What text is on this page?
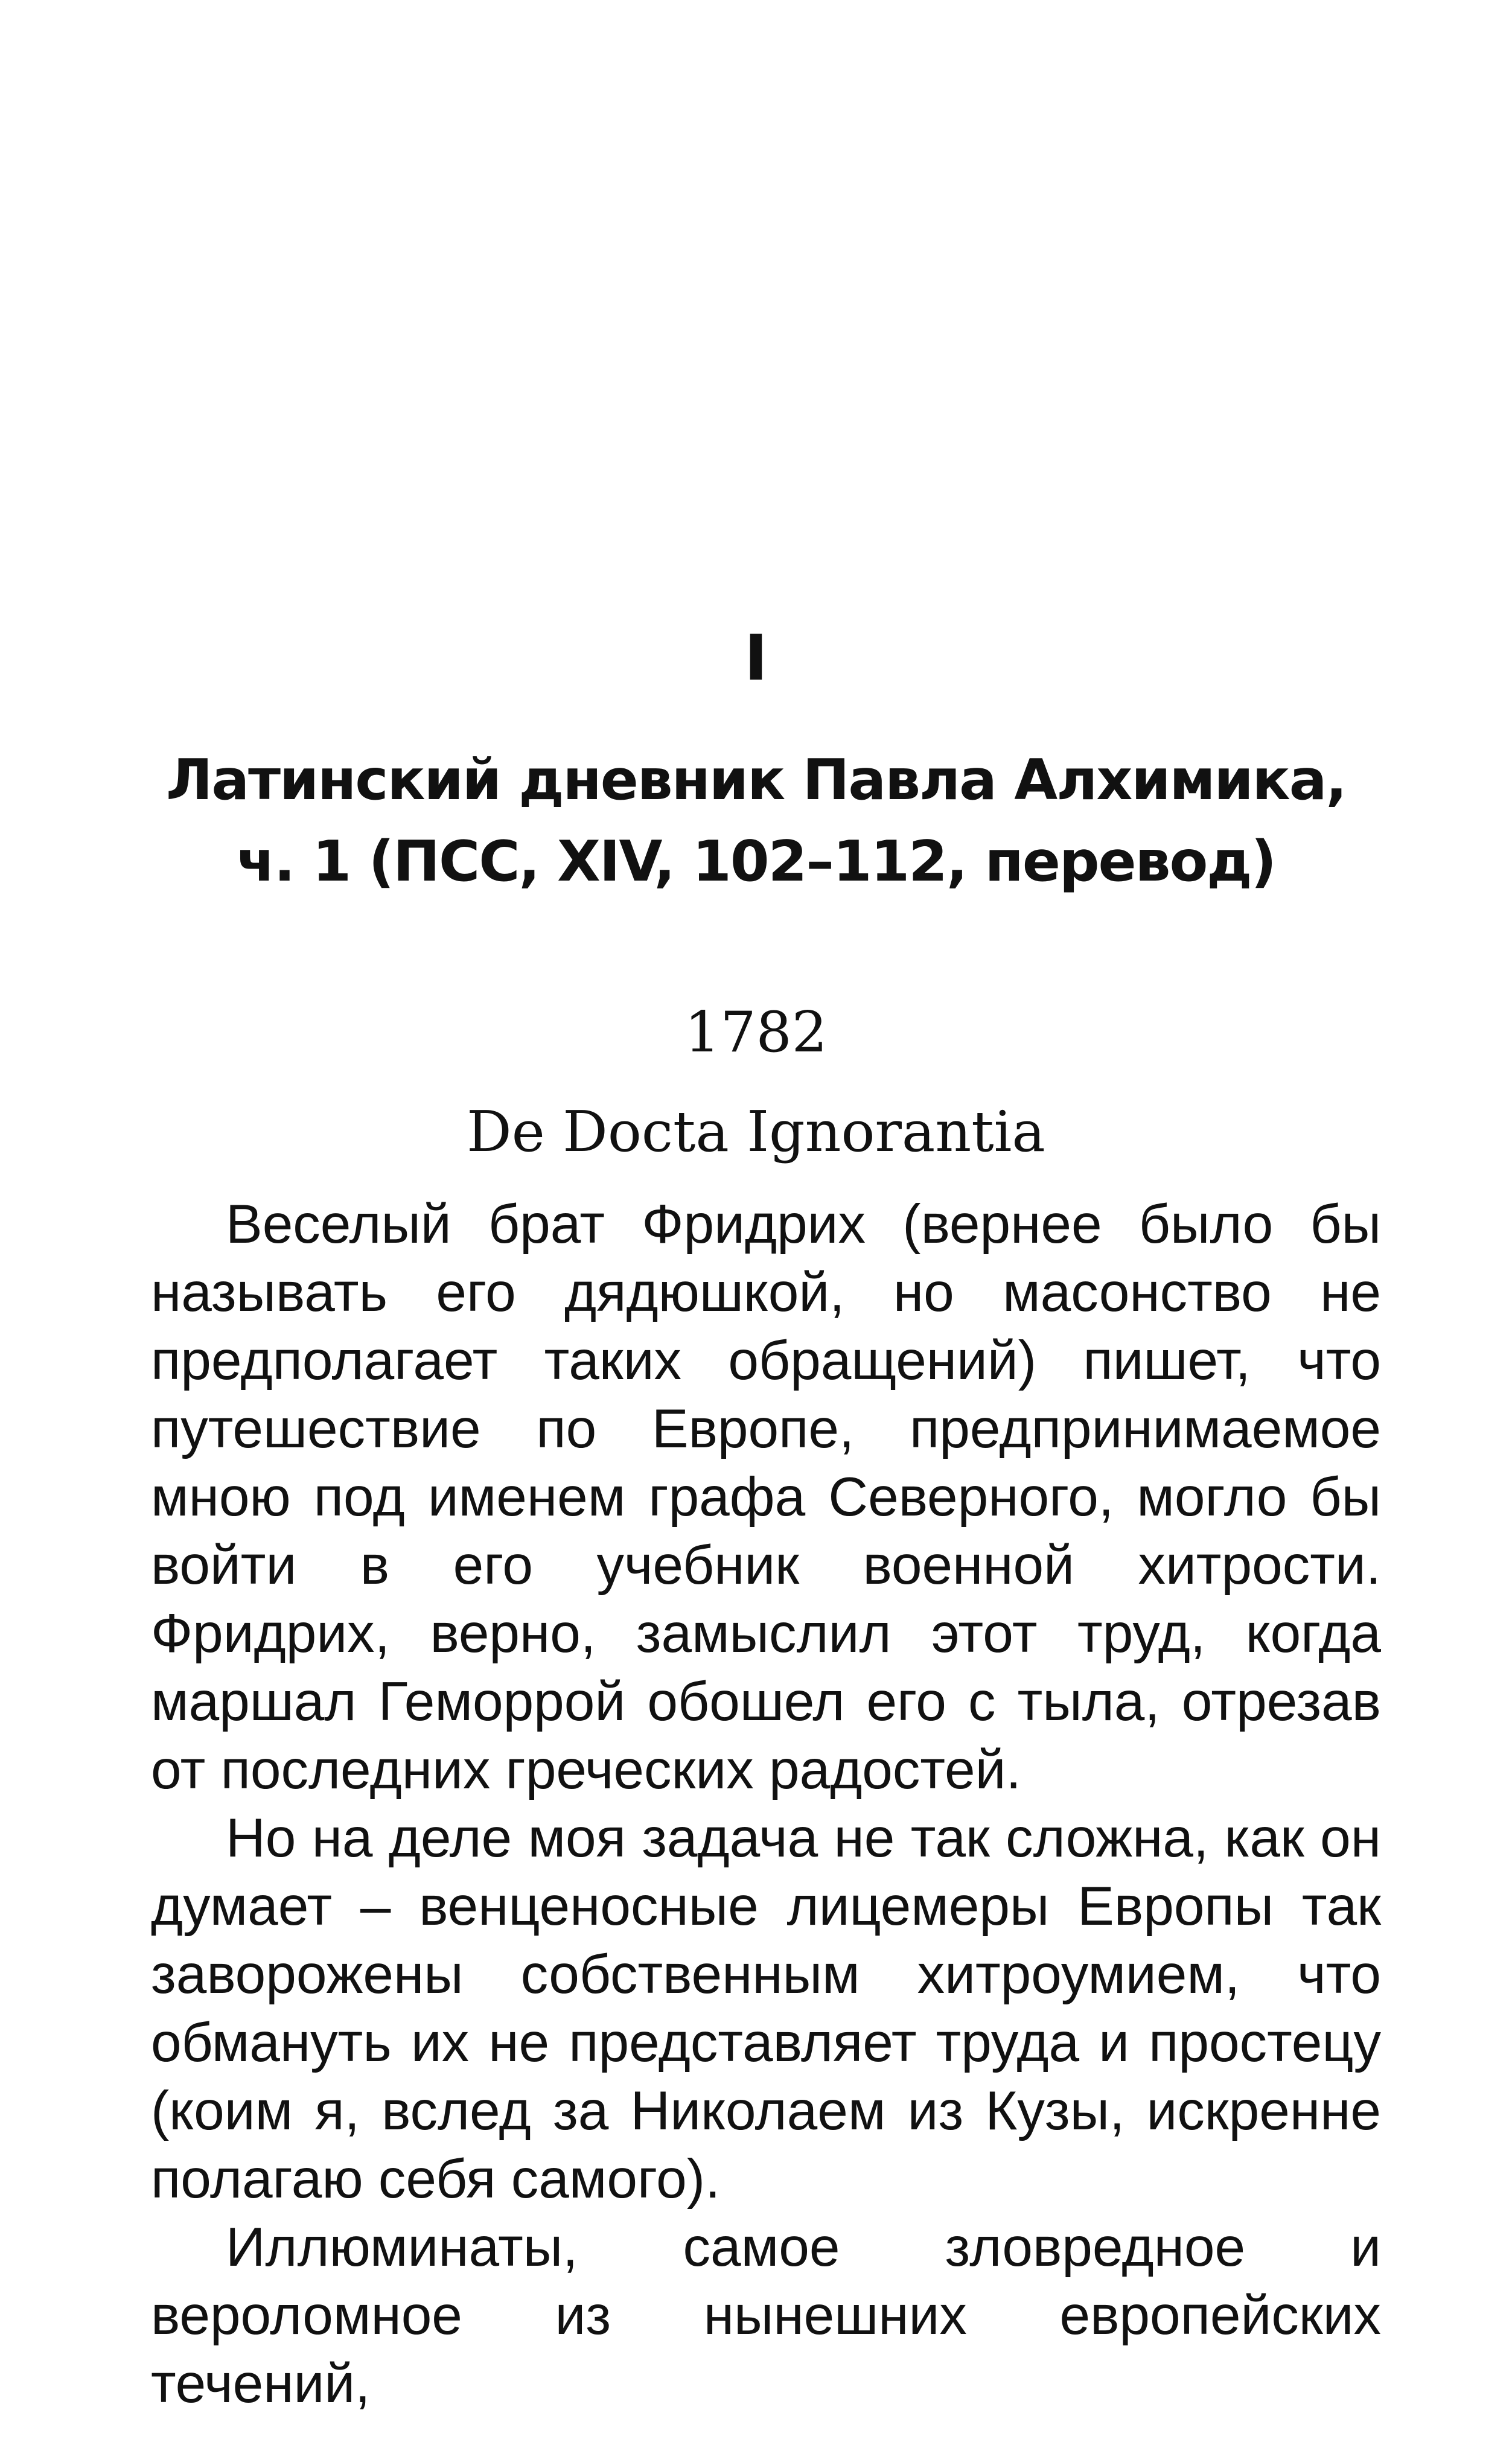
I
Латинский дневник Павла Алхимика,
ч. 1 (ПСС, XIV, 102–112, перевод)
1782
De Docta Ignorantia

Веселый брат Фридрих (вернее было бы называть его дядюшкой, но масонство не предполагает таких обращений) пишет, что путешествие по Европе, предпринимаемое мною под именем графа Северного, могло бы войти в его учебник военной хитрости. Фридрих, верно, замыслил этот труд, когда маршал Геморрой обошел его с тыла, отрезав от последних греческих радостей.

Но на деле моя задача не так сложна, как он думает – венценосные лицемеры Европы так заворожены собственным хитроумием, что обмануть их не представляет труда и простецу (коим я, вслед за Николаем из Кузы, искренне полагаю себя самого).

Иллюминаты, самое зловредное и вероломное из нынешних европейских течений,
